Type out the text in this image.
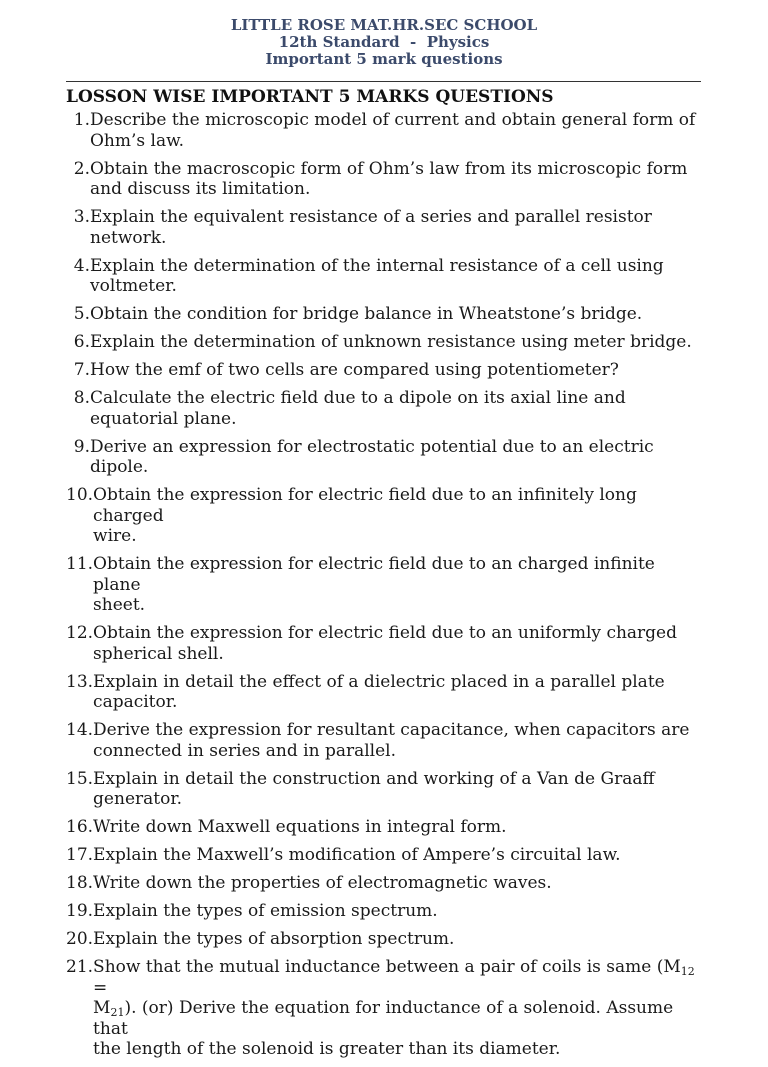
LITTLE ROSE MAT.HR.SEC SCHOOL
12th Standard  -  Physics
Important 5 mark questions
LOSSON WISE IMPORTANT 5 MARKS QUESTIONS
1. Describe the microscopic model of current and obtain general form of
Ohm’s law.
2. Obtain the macroscopic form of Ohm’s law from its microscopic form
and discuss its limitation.
3. Explain the equivalent resistance of a series and parallel resistor
network.
4. Explain the determination of the internal resistance of a cell using
voltmeter.
5. Obtain the condition for bridge balance in Wheatstone’s bridge.
6. Explain the determination of unknown resistance using meter bridge.
7. How the emf of two cells are compared using potentiometer?
8. Calculate the electric field due to a dipole on its axial line and
equatorial plane.
9. Derive an expression for electrostatic potential due to an electric dipole.
10. Obtain the expression for electric field due to an infinitely long charged
wire.
11. Obtain the expression for electric field due to an charged infinite plane
sheet.
12. Obtain the expression for electric field due to an uniformly charged
spherical shell.
13. Explain in detail the effect of a dielectric placed in a parallel plate
capacitor.
14. Derive the expression for resultant capacitance, when capacitors are
connected in series and in parallel.
15. Explain in detail the construction and working of a Van de Graaff
generator.
16. Write down Maxwell equations in integral form.
17. Explain the Maxwell’s modification of Ampere’s circuital law.
18. Write down the properties of electromagnetic waves.
19. Explain the types of emission spectrum.
20. Explain the types of absorption spectrum.
21. Show that the mutual inductance between a pair of coils is same ($M_{12}$ =
$M_{21}$). (or) Derive the equation for inductance of a solenoid. Assume that
the length of the solenoid is greater than its diameter.
